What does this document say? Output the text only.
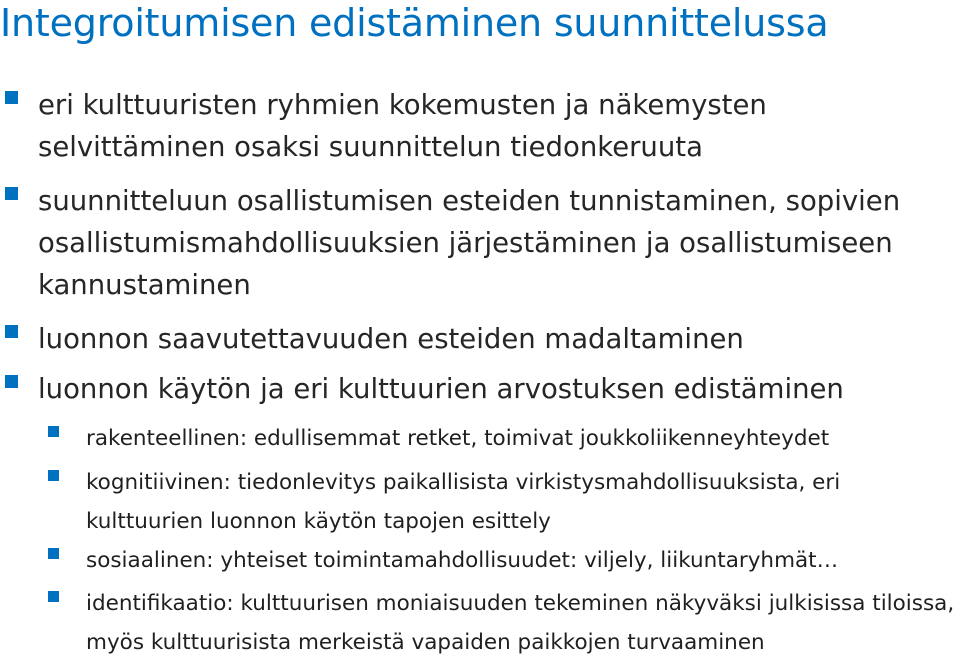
Integroitumisen edistäminen suunnittelussa
eri kulttuuristen ryhmien kokemusten ja näkemysten selvittäminen osaksi suunnittelun tiedonkeruuta
suunnitteluun osallistumisen esteiden tunnistaminen, sopivien osallistumismahdollisuuksien järjestäminen ja osallistumiseen kannustaminen
luonnon saavutettavuuden esteiden madaltaminen
luonnon käytön ja eri kulttuurien arvostuksen edistäminen
rakenteellinen: edullisemmat retket, toimivat joukkoliikenneyhteydet
kognitiivinen: tiedonlevitys paikallisista virkistysmahdollisuuksista, eri kulttuurien luonnon käytön tapojen esittely
sosiaalinen: yhteiset toimintamahdollisuudet: viljely, liikuntaryhmät…
identifikaatio: kulttuurisen moniaisuuden tekeminen näkyväksi julkisissa tiloissa, myös kulttuurisista merkeistä vapaiden paikkojen turvaaminen
